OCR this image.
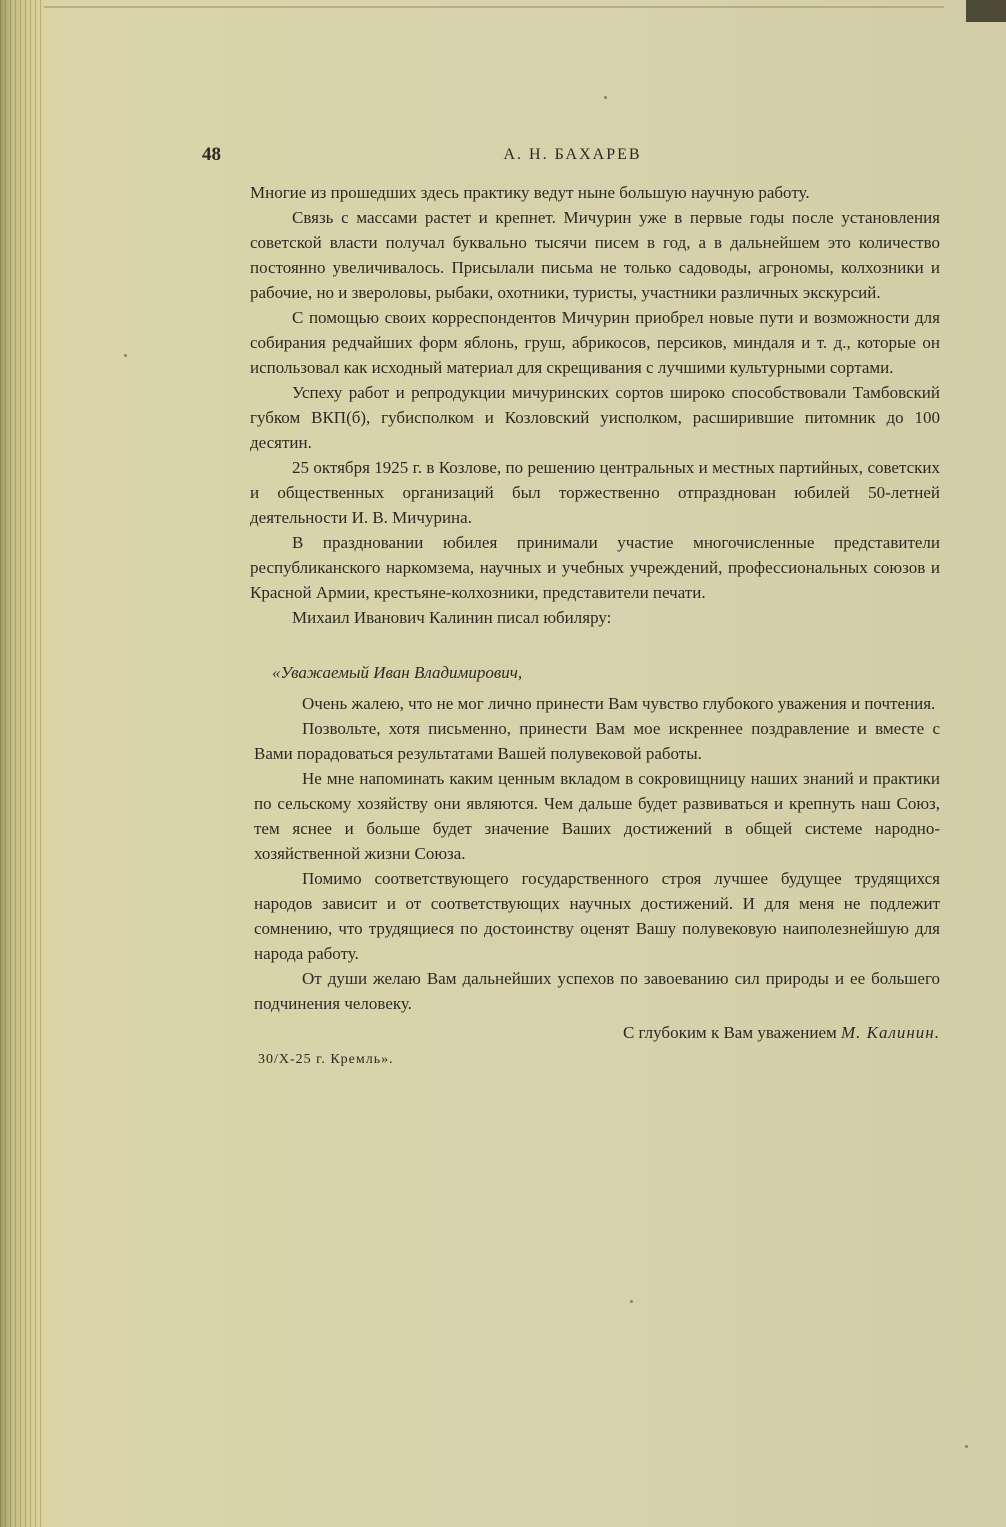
48	А. Н. БАХАРЕВ

Многие из прошедших здесь практику ведут ныне большую научную работу.

Связь с массами растет и крепнет. Мичурин уже в первые годы после установления советской власти получал буквально тысячи писем в год, а в дальнейшем это количество постоянно увеличивалось. Присылали письма не только садоводы, агрономы, колхозники и рабочие, но и звероловы, рыбаки, охотники, туристы, участники различных экскурсий.

С помощью своих корреспондентов Мичурин приобрел новые пути и возможности для собирания редчайших форм яблонь, груш, абрикосов, персиков, миндаля и т. д., которые он использовал как исходный материал для скрещивания с лучшими культурными сортами.

Успеху работ и репродукции мичуринских сортов широко способствовали Тамбовский губком ВКП(б), губисполком и Козловский уисполком, расширившие питомник до 100 десятин.

25 октября 1925 г. в Козлове, по решению центральных и местных партийных, советских и общественных организаций был торжественно отпразднован юбилей 50-летней деятельности И. В. Мичурина.

В праздновании юбилея принимали участие многочисленные представители республиканского наркомзема, научных и учебных учреждений, профессиональных союзов и Красной Армии, крестьяне-колхозники, представители печати.

Михаил Иванович Калинин писал юбиляру:

«Уважаемый Иван Владимирович,

Очень жалею, что не мог лично принести Вам чувство глубокого уважения и почтения.

Позвольте, хотя письменно, принести Вам мое искреннее поздравление и вместе с Вами порадоваться результатами Вашей полувековой работы.

Не мне напоминать каким ценным вкладом в сокровищницу наших знаний и практики по сельскому хозяйству они являются. Чем дальше будет развиваться и крепнуть наш Союз, тем яснее и больше будет значение Ваших достижений в общей системе народно-хозяйственной жизни Союза.

Помимо соответствующего государственного строя лучшее будущее трудящихся народов зависит и от соответствующих научных достижений. И для меня не подлежит сомнению, что трудящиеся по достоинству оценят Вашу полувековую наиполезнейшую для народа работу.

От души желаю Вам дальнейших успехов по завоеванию сил природы и ее большего подчинения человеку.

С глубоким к Вам уважением М. Калинин.

30/X-25 г. Кремль».
